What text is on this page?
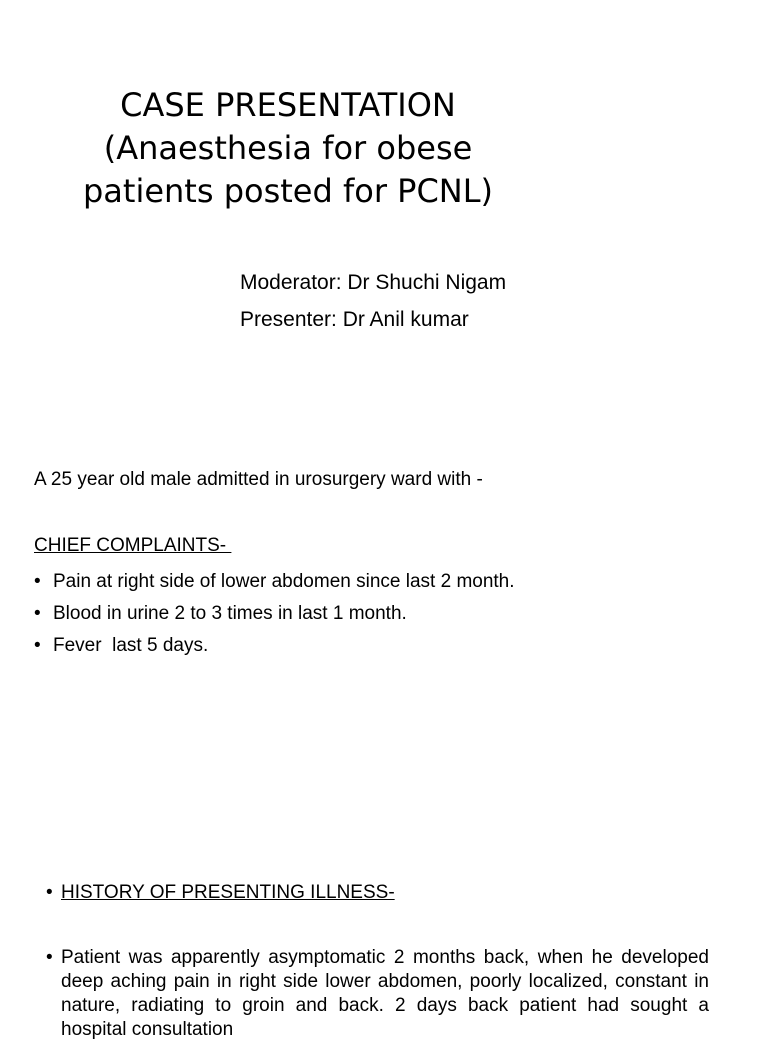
CASE PRESENTATION
(Anaesthesia for obese
patients posted for PCNL)
Moderator: Dr Shuchi Nigam
Presenter: Dr Anil kumar

A 25 year old male admitted in urosurgery ward with -

CHIEF COMPLAINTS-

• Pain at right side of lower abdomen since last 2 month.
• Blood in urine 2 to 3 times in last 1 month.
• Fever  last 5 days.

• HISTORY OF PRESENTING ILLNESS-

• Patient was apparently asymptomatic 2 months back, when he developed deep aching pain in right side lower abdomen, poorly localized, constant in nature, radiating to groin and back. 2 days back patient had sought a hospital consultation
